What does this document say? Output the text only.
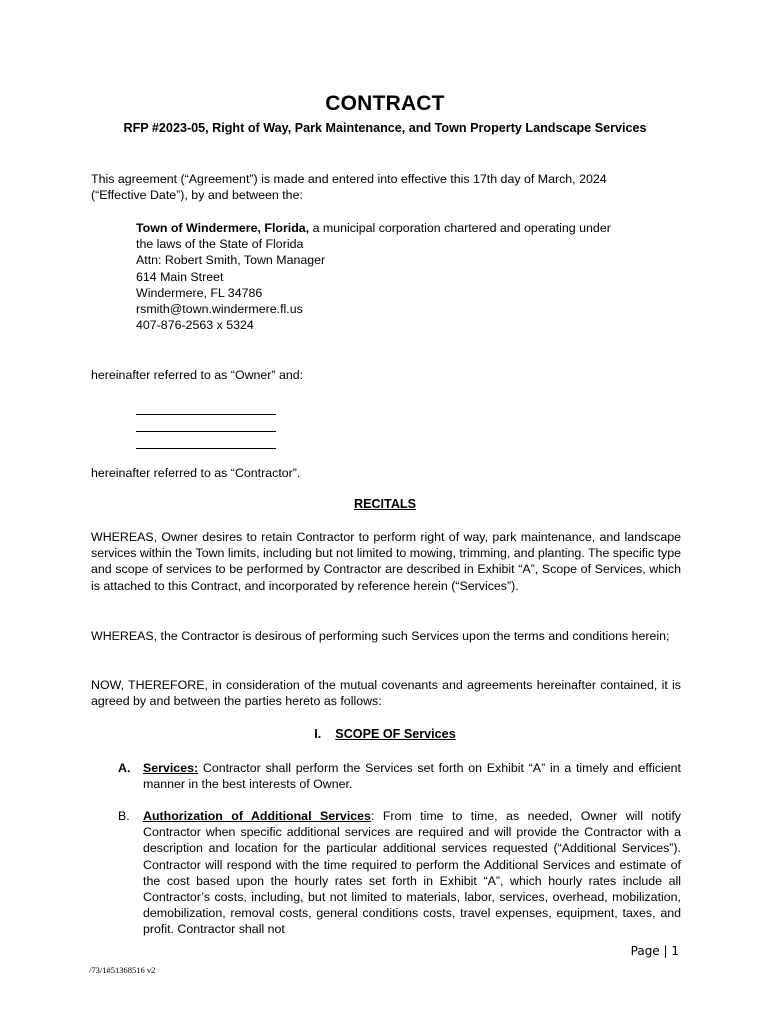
CONTRACT
RFP #2023-05, Right of Way, Park Maintenance, and Town Property Landscape Services
This agreement (“Agreement”) is made and entered into effective this 17th day of March, 2024
(“Effective Date”), by and between the:
Town of Windermere, Florida, a municipal corporation chartered and operating under
the laws of the State of Florida
Attn: Robert Smith, Town Manager
614 Main Street
Windermere, FL 34786
rsmith@town.windermere.fl.us
407-876-2563 x 5324
hereinafter referred to as “Owner” and:
hereinafter referred to as “Contractor”.
RECITALS
WHEREAS, Owner desires to retain Contractor to perform right of way, park maintenance, and landscape services within the Town limits, including but not limited to mowing, trimming, and planting. The specific type and scope of services to be performed by Contractor are described in Exhibit “A”, Scope of Services, which is attached to this Contract, and incorporated by reference herein (“Services”).
WHEREAS, the Contractor is desirous of performing such Services upon the terms and conditions herein;
NOW, THEREFORE, in consideration of the mutual covenants and agreements hereinafter contained, it is agreed by and between the parties hereto as follows:
I. SCOPE OF Services
A. Services: Contractor shall perform the Services set forth on Exhibit “A” in a timely and efficient manner in the best interests of Owner.
B. Authorization of Additional Services: From time to time, as needed, Owner will notify Contractor when specific additional services are required and will provide the Contractor with a description and location for the particular additional services requested (“Additional Services”). Contractor will respond with the time required to perform the Additional Services and estimate of the cost based upon the hourly rates set forth in Exhibit “A”, which hourly rates include all Contractor’s costs, including, but not limited to materials, labor, services, overhead, mobilization, demobilization, removal costs, general conditions costs, travel expenses, equipment, taxes, and profit. Contractor shall not
Page | 1
/73/1#51368516 v2
